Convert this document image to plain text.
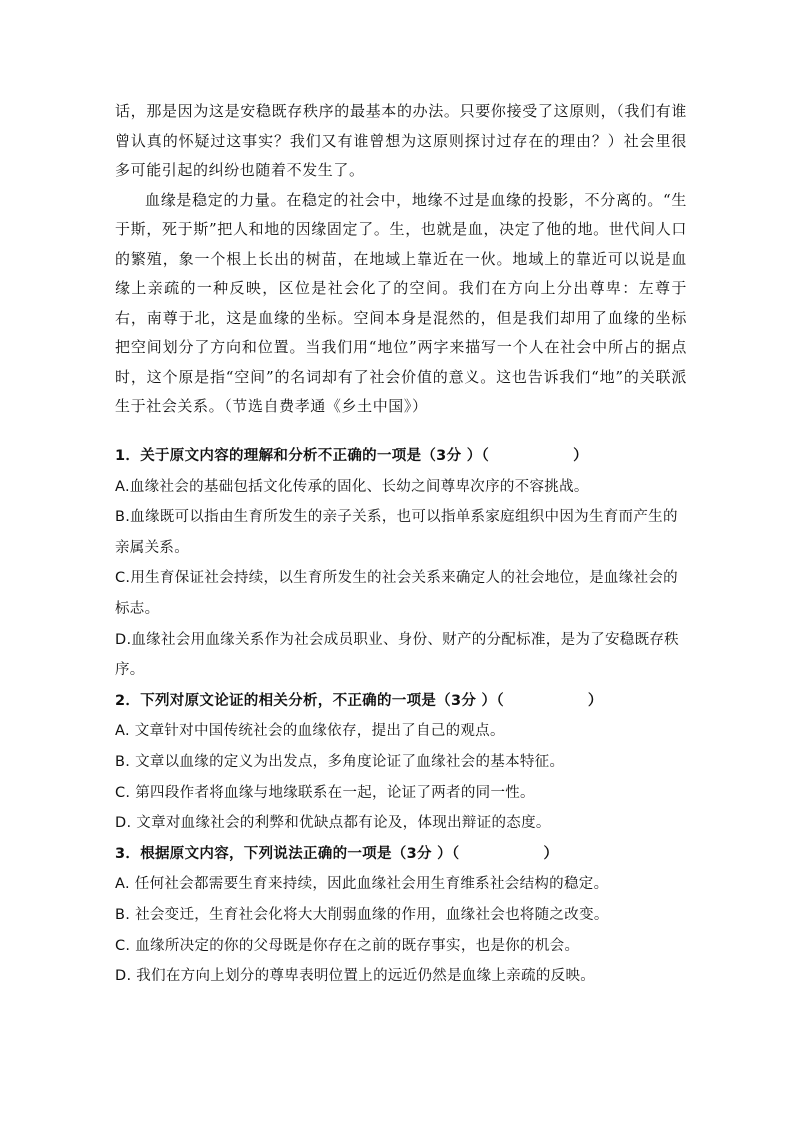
话，那是因为这是安稳既存秩序的最基本的办法。只要你接受了这原则，（我们有谁曾认真的怀疑过这事实？我们又有谁曾想为这原则探讨过存在的理由？）社会里很多可能引起的纠纷也随着不发生了。

血缘是稳定的力量。在稳定的社会中，地缘不过是血缘的投影，不分离的。“生于斯，死于斯”把人和地的因缘固定了。生，也就是血，决定了他的地。世代间人口的繁殖，象一个根上长出的树苗，在地域上靠近在一伙。地域上的靠近可以说是血缘上亲疏的一种反映，区位是社会化了的空间。我们在方向上分出尊卑：左尊于右，南尊于北，这是血缘的坐标。空间本身是混然的，但是我们却用了血缘的坐标把空间划分了方向和位置。当我们用“地位”两字来描写一个人在社会中所占的据点时，这个原是指“空间”的名词却有了社会价值的意义。这也告诉我们“地”的关联派生于社会关系。（节选自费孝通《乡土中国》）

1．关于原文内容的理解和分析不正确的一项是（3分 ）（	）

A.血缘社会的基础包括文化传承的固化、长幼之间尊卑次序的不容挑战。

B.血缘既可以指由生育所发生的亲子关系，也可以指单系家庭组织中因为生育而产生的亲属关系。

C.用生育保证社会持续，以生育所发生的社会关系来确定人的社会地位，是血缘社会的标志。

D.血缘社会用血缘关系作为社会成员职业、身份、财产的分配标准，是为了安稳既存秩序。

2．下列对原文论证的相关分析，不正确的一项是（3分 ）（	）

A. 文章针对中国传统社会的血缘依存，提出了自己的观点。

B. 文章以血缘的定义为出发点，多角度论证了血缘社会的基本特征。

C. 第四段作者将血缘与地缘联系在一起，论证了两者的同一性。

D. 文章对血缘社会的利弊和优缺点都有论及，体现出辩证的态度。

3．根据原文内容，下列说法正确的一项是（3分 ）（	）

A. 任何社会都需要生育来持续，因此血缘社会用生育维系社会结构的稳定。

B. 社会变迁，生育社会化将大大削弱血缘的作用，血缘社会也将随之改变。

C. 血缘所决定的你的父母既是你存在之前的既存事实，也是你的机会。

D. 我们在方向上划分的尊卑表明位置上的远近仍然是血缘上亲疏的反映。
